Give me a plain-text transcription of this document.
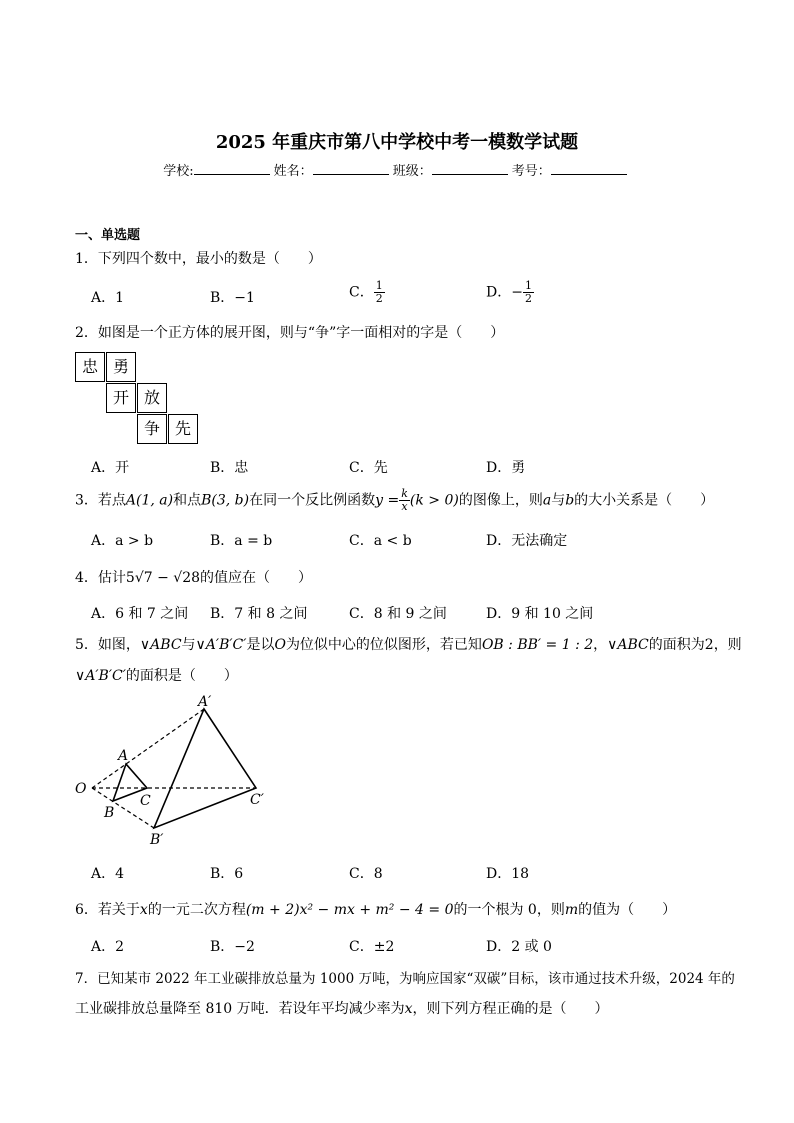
2025 年重庆市第八中学校中考一模数学试题
学校:	姓名：	班级：	考号：
一、单选题
1．下列四个数中，最小的数是（　　）
A．1	B．−1	C． $\frac{1}{2}$	D．− $\frac{1}{2}$
2．如图是一个正方体的展开图，则与“争”字一面相对的字是（　　）
忠 勇
开 放
争 先
A．开	B．忠	C．先	D．勇
3．若点A(1, a)和点B(3, b)在同一个反比例函数$y = \frac{k}{x} (k > 0)$的图像上，则a与b的大小关系是（　　）
A．a > b	B．a = b	C．a < b	D．无法确定
4．估计5√7 − √28的值应在（　　）
A．6 和 7 之间 B．7 和 8 之间	C．8 和 9 之间	D．9 和 10 之间
5．如图，∨ABC与∨A′B′C′是以O为位似中心的位似图形，若已知OB : BB′ = 1 : 2，∨ABC的面积为2，则
∨A′B′C′的面积是（　　）
A′
A
O
C	C′
B
B′
A．4	B．6	C．8	D．18
6．若关于x的一元二次方程(m + 2)x² − mx + m² − 4 = 0的一个根为 0，则m的值为（　　）
A．2	B．−2	C．±2	D．2 或 0
7．已知某市 2022 年工业碳排放总量为 1000 万吨，为响应国家“双碳”目标，该市通过技术升级，2024 年的
工业碳排放总量降至 810 万吨．若设年平均减少率为x，则下列方程正确的是（　　）
